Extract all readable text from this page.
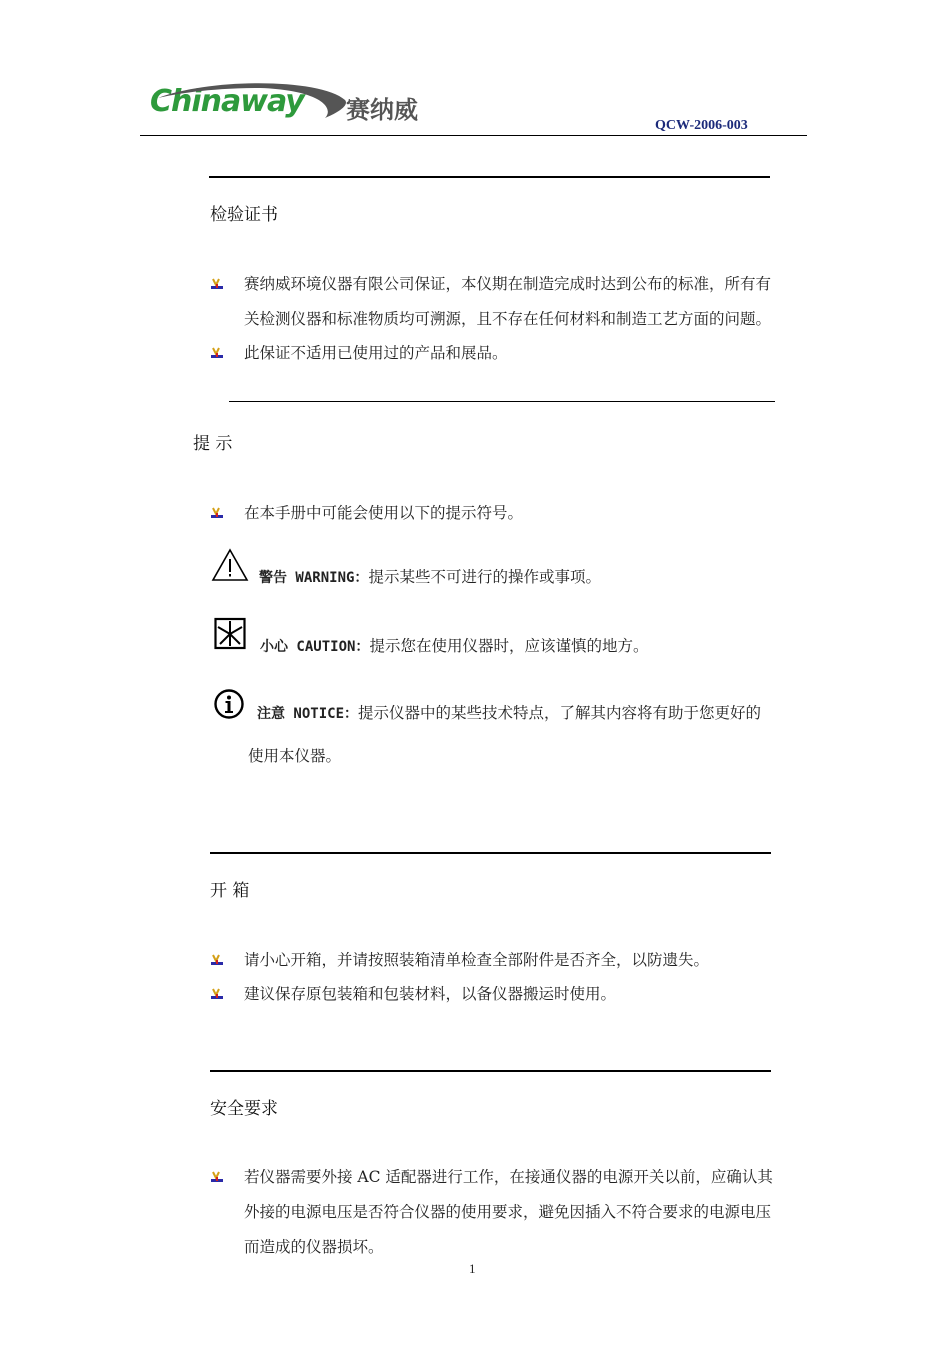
Chinaway 赛纳威
QCW-2006-003
检验证书
赛纳威环境仪器有限公司保证，本仪期在制造完成时达到公布的标准，所有有
关检测仪器和标准物质均可溯源，且不存在任何材料和制造工艺方面的问题。
此保证不适用已使用过的产品和展品。
提 示
在本手册中可能会使用以下的提示符号。
警告 WARNING：提示某些不可进行的操作或事项。
小心 CAUTION：提示您在使用仪器时，应该谨慎的地方。
注意 NOTICE：提示仪器中的某些技术特点，了解其内容将有助于您更好的
使用本仪器。
开 箱
请小心开箱，并请按照装箱清单检查全部附件是否齐全，以防遗失。
建议保存原包装箱和包装材料，以备仪器搬运时使用。
安全要求
若仪器需要外接 AC 适配器进行工作，在接通仪器的电源开关以前，应确认其
外接的电源电压是否符合仪器的使用要求，避免因插入不符合要求的电源电压
而造成的仪器损坏。
1
